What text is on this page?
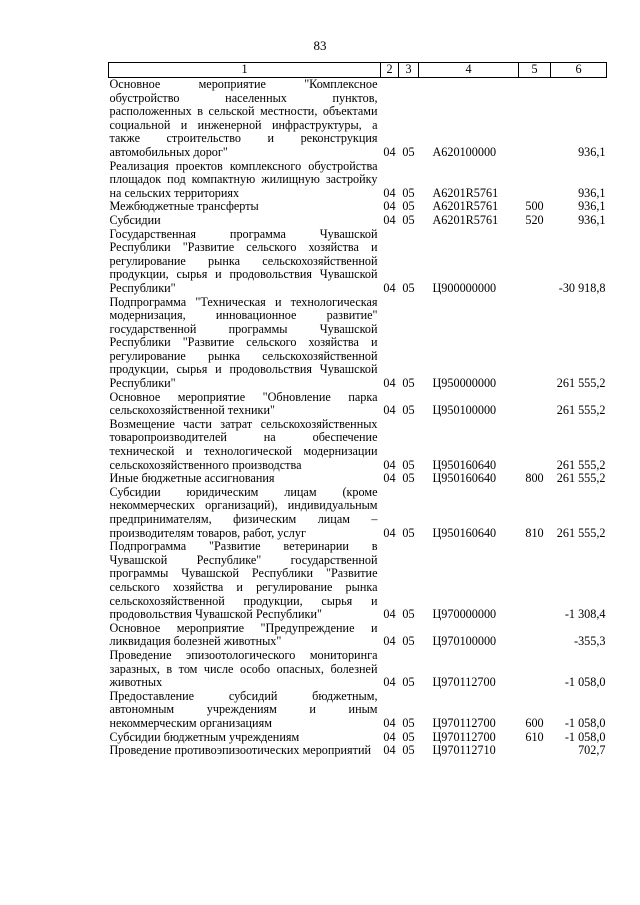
83
1	2	3	4	5	6
Основное мероприятие "Комплексное обустройство населенных пунктов, расположенных в сельской местности, объектами социальной и инженерной инфраструктуры, а также строительство и реконструкция автомобильных дорог"	04	05	А620100000		936,1
Реализация проектов комплексного обустройства площадок под компактную жилищную застройку на сельских территориях	04	05	А6201R5761		936,1
Межбюджетные трансферты	04	05	А6201R5761	500	936,1
Субсидии	04	05	А6201R5761	520	936,1
Государственная программа Чувашской Республики "Развитие сельского хозяйства и регулирование рынка сельскохозяйственной продукции, сырья и продовольствия Чувашской Республики"	04	05	Ц900000000		-30 918,8
Подпрограмма "Техническая и технологическая модернизация, инновационное развитие" государственной программы Чувашской Республики "Развитие сельского хозяйства и регулирование рынка сельскохозяйственной продукции, сырья и продовольствия Чувашской Республики"	04	05	Ц950000000		261 555,2
Основное мероприятие "Обновление парка сельскохозяйственной техники"	04	05	Ц950100000		261 555,2
Возмещение части затрат сельскохозяйственных товаропроизводителей на обеспечение технической и технологической модернизации сельскохозяйственного производства	04	05	Ц950160640		261 555,2
Иные бюджетные ассигнования	04	05	Ц950160640	800	261 555,2
Субсидии юридическим лицам (кроме некоммерческих организаций), индивидуальным предпринимателям, физическим лицам – производителям товаров, работ, услуг	04	05	Ц950160640	810	261 555,2
Подпрограмма "Развитие ветеринарии в Чувашской Республике" государственной программы Чувашской Республики "Развитие сельского хозяйства и регулирование рынка сельскохозяйственной продукции, сырья и продовольствия Чувашской Республики"	04	05	Ц970000000		-1 308,4
Основное мероприятие "Предупреждение и ликвидация болезней животных"	04	05	Ц970100000		-355,3
Проведение эпизоотологического мониторинга заразных, в том числе особо опасных, болезней животных	04	05	Ц970112700		-1 058,0
Предоставление субсидий бюджетным, автономным учреждениям и иным некоммерческим организациям	04	05	Ц970112700	600	-1 058,0
Субсидии бюджетным учреждениям	04	05	Ц970112700	610	-1 058,0
Проведение противоэпизоотических мероприятий	04	05	Ц970112710		702,7
